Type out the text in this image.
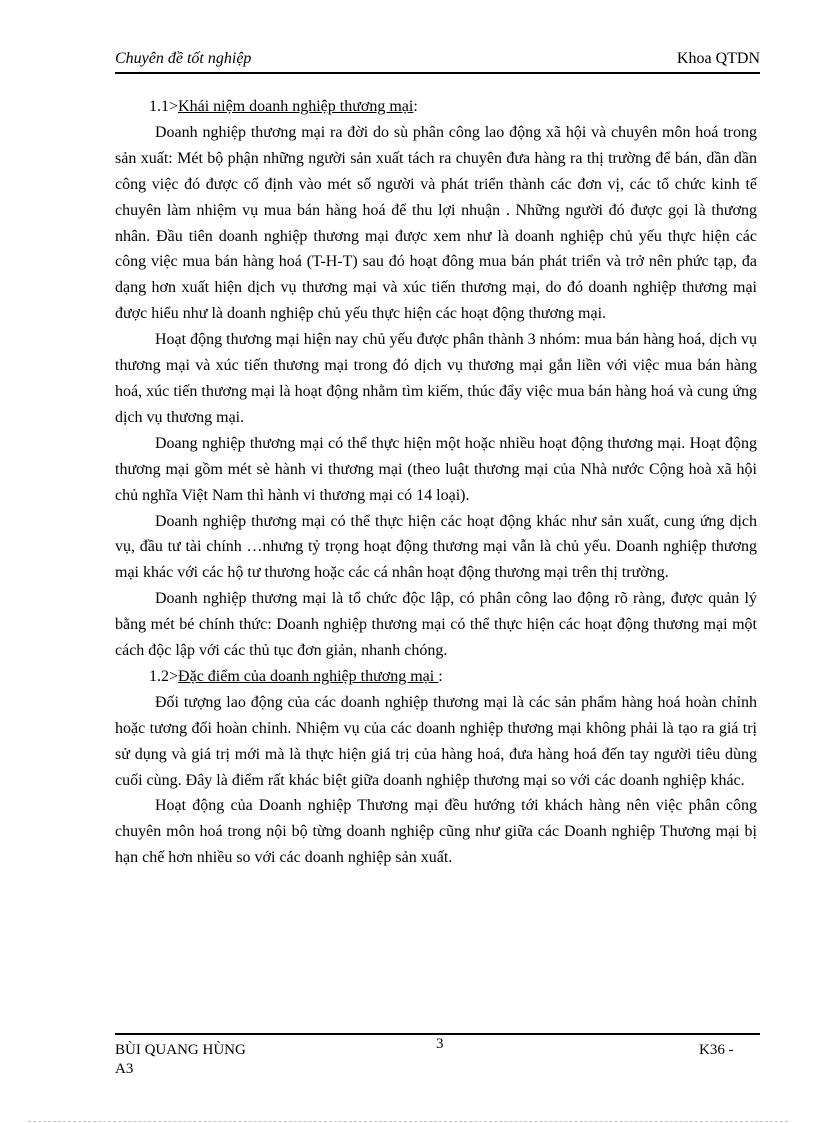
Chuyên đề tốt nghiệp	Khoa QTDN

1.1>Khái niệm doanh nghiệp thương mại:

Doanh nghiệp thương mại ra đời do sù phân công lao động xã hội và chuyên môn hoá trong sản xuất: Mét bộ phận những người sản xuất tách ra chuyên đưa hàng ra thị trường để bán, dần dần công việc đó được cố định vào mét số người và phát triển thành các đơn vị, các tổ chức kinh tế chuyên làm nhiệm vụ mua bán hàng hoá để thu lợi nhuận . Những người đó được gọi là thương nhân. Đầu tiên doanh nghiệp thương mại được xem như là doanh nghiệp chủ yếu thực hiện các công việc mua bán hàng hoá (T-H-T) sau đó hoạt đông mua bán phát triển và trở nên phức tạp, đa dạng hơn xuất hiện dịch vụ thương mại và xúc tiến thương mại, do đó doanh nghiệp thương mại được hiểu như là doanh nghiệp chủ yếu thực hiện các hoạt động thương mại.

Hoạt động thương mại hiện nay chủ yếu được phân thành 3 nhóm: mua bán hàng hoá, dịch vụ thương mại và xúc tiến thương mại trong đó dịch vụ thương mại gắn liền với việc mua bán hàng hoá, xúc tiến thương mại là hoạt động nhằm tìm kiếm, thúc đẩy việc mua bán hàng hoá và cung ứng dịch vụ thương mại.

Doang nghiệp thương mại có thể thực hiện một hoặc nhiều hoạt động thương mại. Hoạt động thương mại gồm mét sè hành vi thương mại (theo luật thương mại của Nhà nước Cộng hoà xã hội chủ nghĩa Việt Nam thì hành vi thương mại có 14 loại).

Doanh nghiệp thương mại có thể thực hiện các hoạt động khác như sản xuất, cung ứng dịch vụ, đầu tư tài chính …nhưng tỷ trọng hoạt động thương mại vẫn là chủ yếu. Doanh nghiệp thương mại khác với các hộ tư thương hoặc các cá nhân hoạt động thương mại trên thị trường.

Doanh nghiệp thương mại là tổ chức độc lập, có phân công lao động rõ ràng, được quản lý bằng mét bé chính thức: Doanh nghiệp thương mại có thể thực hiện các hoạt động thương mại một cách độc lập với các thủ tục đơn giản, nhanh chóng.

1.2>Đặc điểm của doanh nghiệp thương mại :

Đối tượng lao động của các doanh nghiệp thương mại là các sản phẩm hàng hoá hoàn chỉnh hoặc tương đối hoàn chỉnh. Nhiệm vụ của các doanh nghiệp thương mại không phải là tạo ra giá trị sử dụng và giá trị mới mà là thực hiện giá trị của hàng hoá, đưa hàng hoá đến tay người tiêu dùng cuối cùng. Đây là điểm rất khác biệt giữa doanh nghiệp thương mại so với các doanh nghiệp khác.

Hoạt động của Doanh nghiệp Thương mại đều hướng tới khách hàng nên việc phân công chuyên môn hoá trong nội bộ từng doanh nghiệp cũng như giữa các Doanh nghiệp Thương mại bị hạn chế hơn nhiều so với các doanh nghiệp sản xuất.

BÙI QUANG HÙNG
A3
3	K36 -
